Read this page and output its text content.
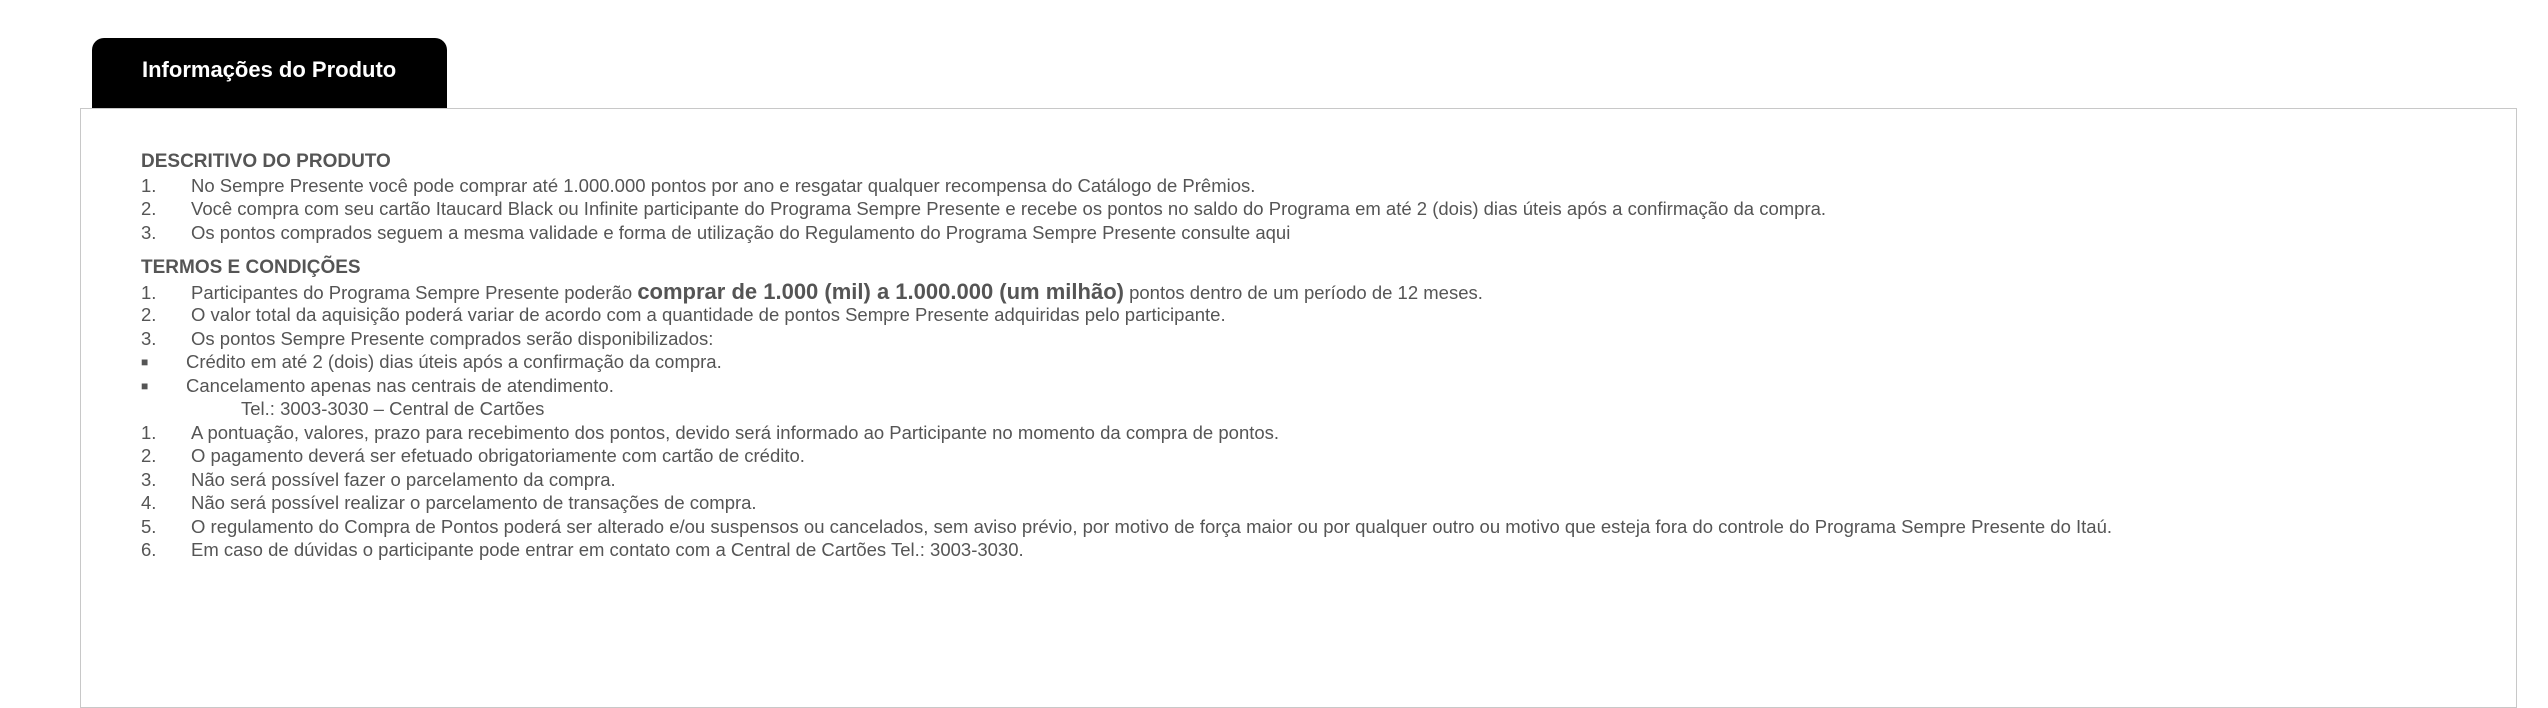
Informações do Produto
DESCRITIVO DO PRODUTO
1. No Sempre Presente você pode comprar até 1.000.000 pontos por ano e resgatar qualquer recompensa do Catálogo de Prêmios.
2. Você compra com seu cartão Itaucard Black ou Infinite participante do Programa Sempre Presente e recebe os pontos no saldo do Programa em até 2 (dois) dias úteis após a confirmação da compra.
3. Os pontos comprados seguem a mesma validade e forma de utilização do Regulamento do Programa Sempre Presente consulte aqui
TERMOS E CONDIÇÕES
1. Participantes do Programa Sempre Presente poderão comprar de 1.000 (mil) a 1.000.000 (um milhão) pontos dentro de um período de 12 meses.
2. O valor total da aquisição poderá variar de acordo com a quantidade de pontos Sempre Presente adquiridas pelo participante.
3. Os pontos Sempre Presente comprados serão disponibilizados:
■ Crédito em até 2 (dois) dias úteis após a confirmação da compra.
■ Cancelamento apenas nas centrais de atendimento.
Tel.: 3003-3030 – Central de Cartões
1. A pontuação, valores, prazo para recebimento dos pontos, devido será informado ao Participante no momento da compra de pontos.
2. O pagamento deverá ser efetuado obrigatoriamente com cartão de crédito.
3. Não será possível fazer o parcelamento da compra.
4. Não será possível realizar o parcelamento de transações de compra.
5. O regulamento do Compra de Pontos poderá ser alterado e/ou suspensos ou cancelados, sem aviso prévio, por motivo de força maior ou por qualquer outro ou motivo que esteja fora do controle do Programa Sempre Presente do Itaú.
6. Em caso de dúvidas o participante pode entrar em contato com a Central de Cartões Tel.: 3003-3030.
